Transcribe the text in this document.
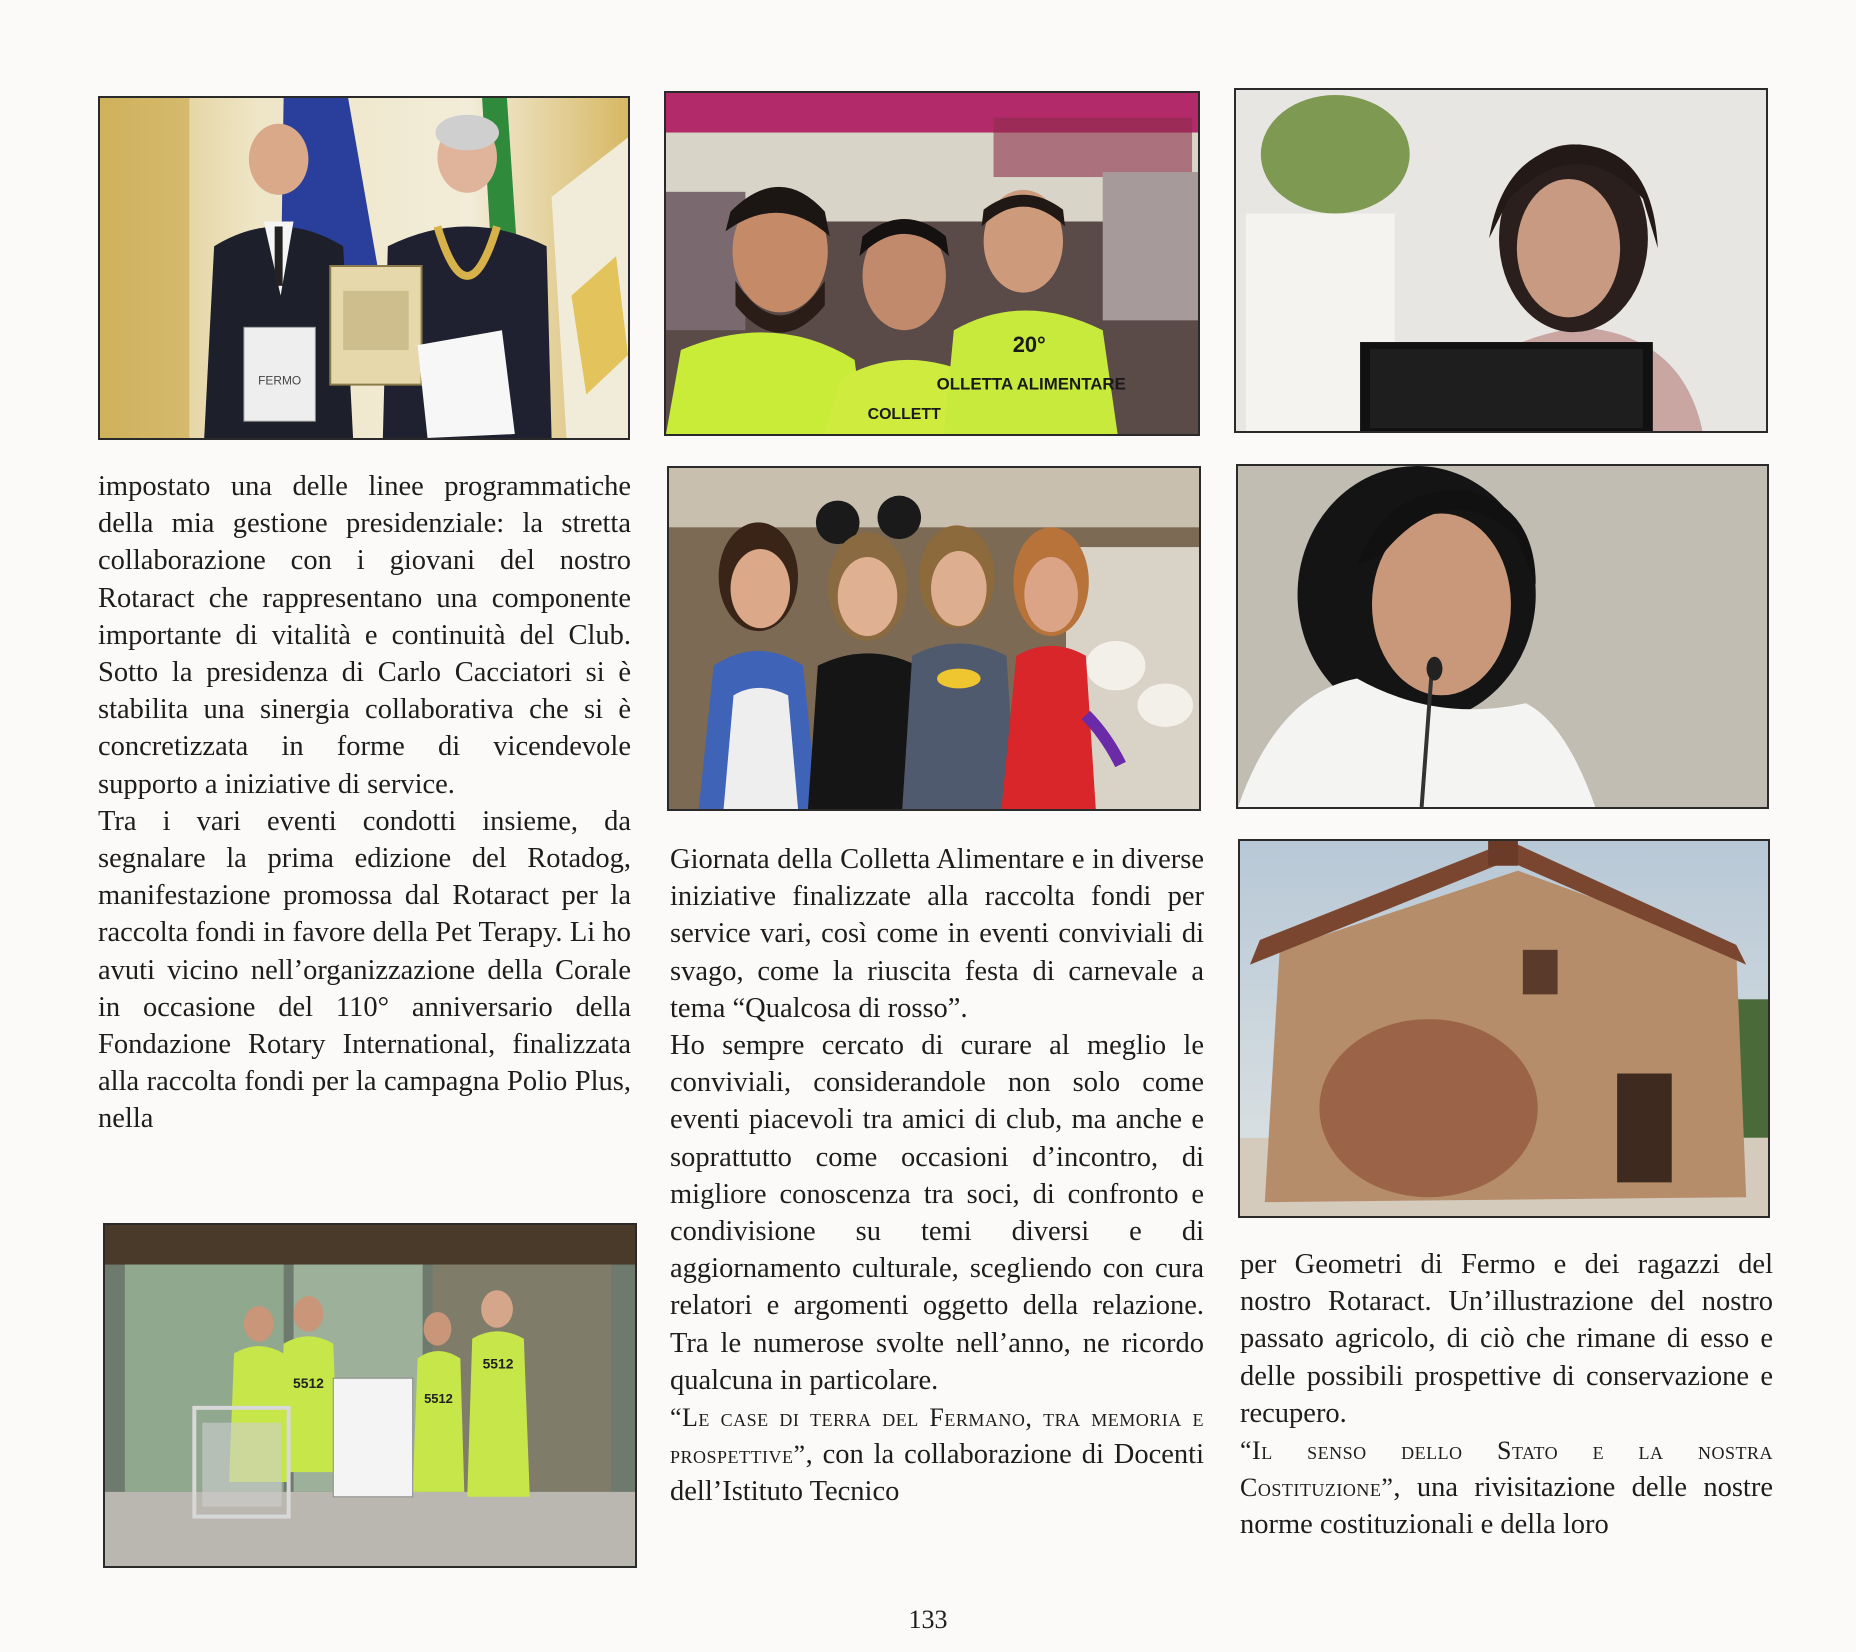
FERMO
20°
OLLETTA ALIMENTARE
COLLETT
5512
5512
5512

impostato una delle linee programmatiche della mia gestione presidenziale: la stretta collaborazione con i giovani del nostro Rotaract che rappresentano una componente importante di vitalità e continuità del Club. Sotto la presidenza di Carlo Cacciatori si è stabilita una sinergia collaborativa che si è concretizzata in forme di vicendevole supporto a iniziative di service.

Tra i vari eventi condotti insieme, da segnalare la prima edizione del Rotadog, manifestazione promossa dal Rotaract per la raccolta fondi in favore della Pet Terapy. Li ho avuti vicino nell’organizzazione della Corale in occasione del 110° anniversario della Fondazione Rotary International, finalizzata alla raccolta fondi per la campagna Polio Plus, nella

Giornata della Colletta Alimentare e in diverse iniziative finalizzate alla raccolta fondi per service vari, così come in eventi conviviali di svago, come la riuscita festa di carnevale a tema “Qualcosa di rosso”.

Ho sempre cercato di curare al meglio le conviviali, considerandole non solo come eventi piacevoli tra amici di club, ma anche e soprattutto come occasioni d’incontro, di migliore conoscenza tra soci, di confronto e condivisione su temi diversi e di aggiornamento culturale, scegliendo con cura relatori e argomenti oggetto della relazione. Tra le numerose svolte nell’anno, ne ricordo qualcuna in particolare.

“Le case di terra del Fermano, tra memoria e prospettive”, con la collaborazione di Docenti dell’Istituto Tecnico

per Geometri di Fermo e dei ragazzi del nostro Rotaract. Un’illustrazione del nostro passato agricolo, di ciò che rimane di esso e delle possibili prospettive di conservazione e recupero.

“Il senso dello Stato e la nostra Costituzione”, una rivisitazione delle nostre norme costituzionali e della loro

133
